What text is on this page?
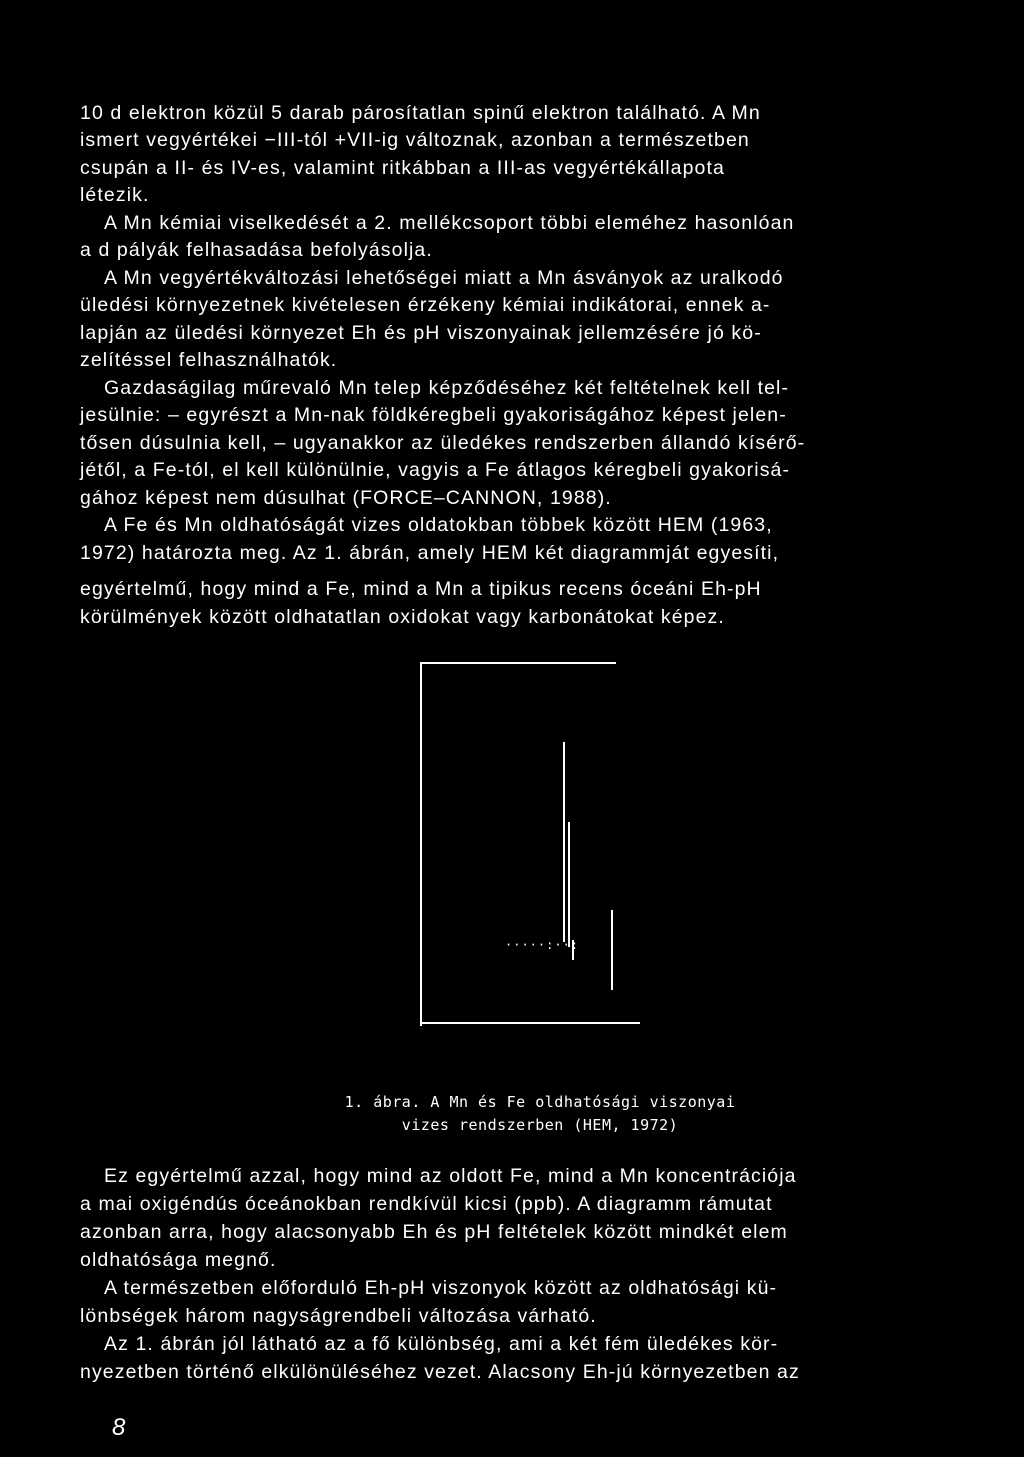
10 d elektron közül 5 darab párosítatlan spinű elektron található. A Mn
ismert vegyértékei −III-tól +VII-ig változnak, azonban a természetben
csupán a II- és IV-es, valamint ritkábban a III-as vegyértékállapota
létezik.
A Mn kémiai viselkedését a 2. mellékcsoport többi eleméhez hasonlóan
a d pályák felhasadása befolyásolja.
A Mn vegyértékváltozási lehetőségei miatt a Mn ásványok az uralkodó
üledési környezetnek kivételesen érzékeny kémiai indikátorai, ennek a-
lapján az üledési környezet Eh és pH viszonyainak jellemzésére jó kö-
zelítéssel felhasználhatók.
Gazdaságilag műrevaló Mn telep képződéséhez két feltételnek kell tel-
jesülnie: – egyrészt a Mn-nak földkéregbeli gyakoriságához képest jelen-
tősen dúsulnia kell, – ugyanakkor az üledékes rendszerben állandó kísérő-
jétől, a Fe-tól, el kell különülnie, vagyis a Fe átlagos kéregbeli gyakorisá-
gához képest nem dúsulhat (FORCE–CANNON, 1988).
A Fe és Mn oldhatóságát vizes oldatokban többek között HEM (1963,
1972) határozta meg. Az 1. ábrán, amely HEM két diagrammját egyesíti,
egyértelmű, hogy mind a Fe, mind a Mn a tipikus recens óceáni Eh-pH
körülmények között oldhatatlan oxidokat vagy karbonátokat képez.
·····:··:
1. ábra. A Mn és Fe oldhatósági viszonyai
vizes rendszerben (HEM, 1972)
Ez egyértelmű azzal, hogy mind az oldott Fe, mind a Mn koncentrációja
a mai oxigéndús óceánokban rendkívül kicsi (ppb). A diagramm rámutat
azonban arra, hogy alacsonyabb Eh és pH feltételek között mindkét elem
oldhatósága megnő.
A természetben előforduló Eh-pH viszonyok között az oldhatósági kü-
lönbségek három nagyságrendbeli változása várható.
Az 1. ábrán jól látható az a fő különbség, ami a két fém üledékes kör-
nyezetben történő elkülönüléséhez vezet. Alacsony Eh-jú környezetben az
8
